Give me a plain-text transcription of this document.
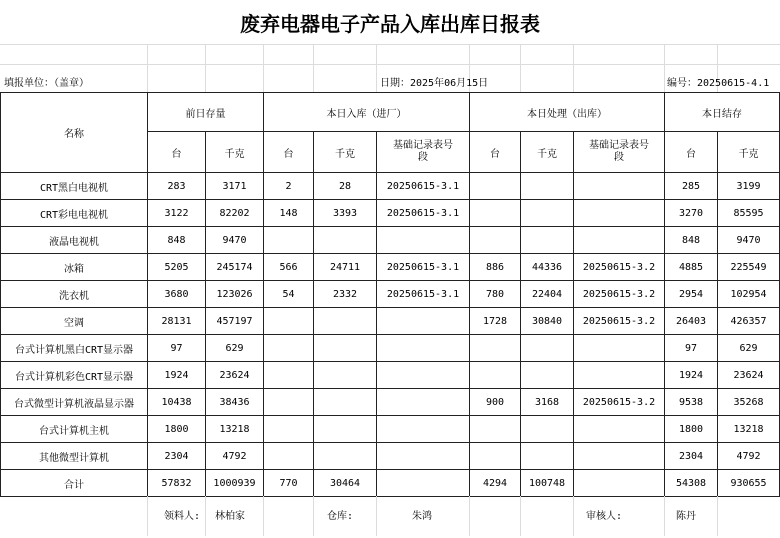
废弃电器电子产品入库出库日报表
填报单位：（盖章）	日期：2025年06月15日	编号：20250615-4.1
名称	前日存量		本日入库（进厂）			本日处理（出库）			本日结存	
	台	千克	台	千克	基础记录表号段	台	千克	基础记录表号段	台	千克
CRT黑白电视机	283	3171	2	28	20250615-3.1				285	3199
CRT彩电电视机	3122	82202	148	3393	20250615-3.1				3270	85595
液晶电视机	848	9470							848	9470
冰箱	5205	245174	566	24711	20250615-3.1	886	44336	20250615-3.2	4885	225549
洗衣机	3680	123026	54	2332	20250615-3.1	780	22404	20250615-3.2	2954	102954
空调	28131	457197				1728	30840	20250615-3.2	26403	426357
台式计算机黑白CRT显示器	97	629							97	629
台式计算机彩色CRT显示器	1924	23624							1924	23624
台式微型计算机液晶显示器	10438	38436				900	3168	20250615-3.2	9538	35268
台式计算机主机	1800	13218							1800	13218
其他微型计算机	2304	4792							2304	4792
合计	57832	1000939	770	30464		4294	100748		54308	930655
领料人: 林柏家	仓库:	朱鸿	审核人:	陈丹
